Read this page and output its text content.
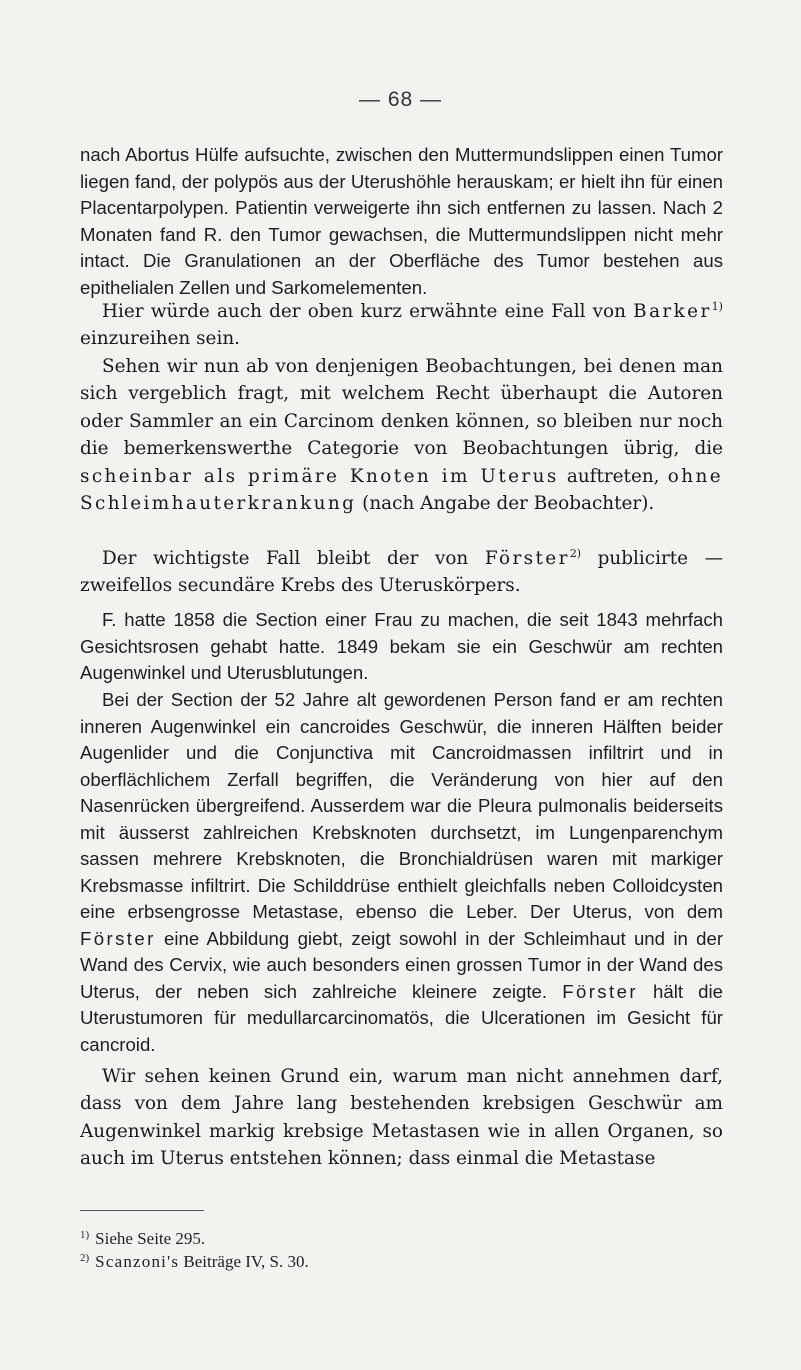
— 68 —

nach Abortus Hülfe aufsuchte, zwischen den Muttermundslippen einen Tumor liegen fand, der polypös aus der Uterushöhle herauskam; er hielt ihn für einen Placentarpolypen. Patientin verweigerte ihn sich entfernen zu lassen. Nach 2 Monaten fand R. den Tumor gewachsen, die Muttermundslippen nicht mehr intact. Die Granulationen an der Oberfläche des Tumor bestehen aus epithelialen Zellen und Sarkomelementen.

Hier würde auch der oben kurz erwähnte eine Fall von Barker$^{1)}$ einzureihen sein.

Sehen wir nun ab von denjenigen Beobachtungen, bei denen man sich vergeblich fragt, mit welchem Recht überhaupt die Autoren oder Sammler an ein Carcinom denken können, so bleiben nur noch die bemerkenswerthe Categorie von Beobachtungen übrig, die scheinbar als primäre Knoten im Uterus auftreten, ohne Schleimhauterkrankung (nach Angabe der Beobachter).

Der wichtigste Fall bleibt der von Förster$^{2)}$ publicirte — zweifellos secundäre Krebs des Uteruskörpers.

F. hatte 1858 die Section einer Frau zu machen, die seit 1843 mehrfach Gesichtsrosen gehabt hatte. 1849 bekam sie ein Geschwür am rechten Augenwinkel und Uterusblutungen.

Bei der Section der 52 Jahre alt gewordenen Person fand er am rechten inneren Augenwinkel ein cancroides Geschwür, die inneren Hälften beider Augenlider und die Conjunctiva mit Cancroidmassen infiltrirt und in oberflächlichem Zerfall begriffen, die Veränderung von hier auf den Nasenrücken übergreifend. Ausserdem war die Pleura pulmonalis beiderseits mit äusserst zahlreichen Krebsknoten durchsetzt, im Lungenparenchym sassen mehrere Krebsknoten, die Bronchialdrüsen waren mit markiger Krebsmasse infiltrirt. Die Schilddrüse enthielt gleichfalls neben Colloidcysten eine erbsengrosse Metastase, ebenso die Leber. Der Uterus, von dem Förster eine Abbildung giebt, zeigt sowohl in der Schleimhaut und in der Wand des Cervix, wie auch besonders einen grossen Tumor in der Wand des Uterus, der neben sich zahlreiche kleinere zeigte. Förster hält die Uterustumoren für medullarcarcinomatös, die Ulcerationen im Gesicht für cancroid.

Wir sehen keinen Grund ein, warum man nicht annehmen darf, dass von dem Jahre lang bestehenden krebsigen Geschwür am Augenwinkel markig krebsige Metastasen wie in allen Organen, so auch im Uterus entstehen können; dass einmal die Metastase

$^{1)}$ Siehe Seite 295.

$^{2)}$ Scanzoni's Beiträge IV, S. 30.
